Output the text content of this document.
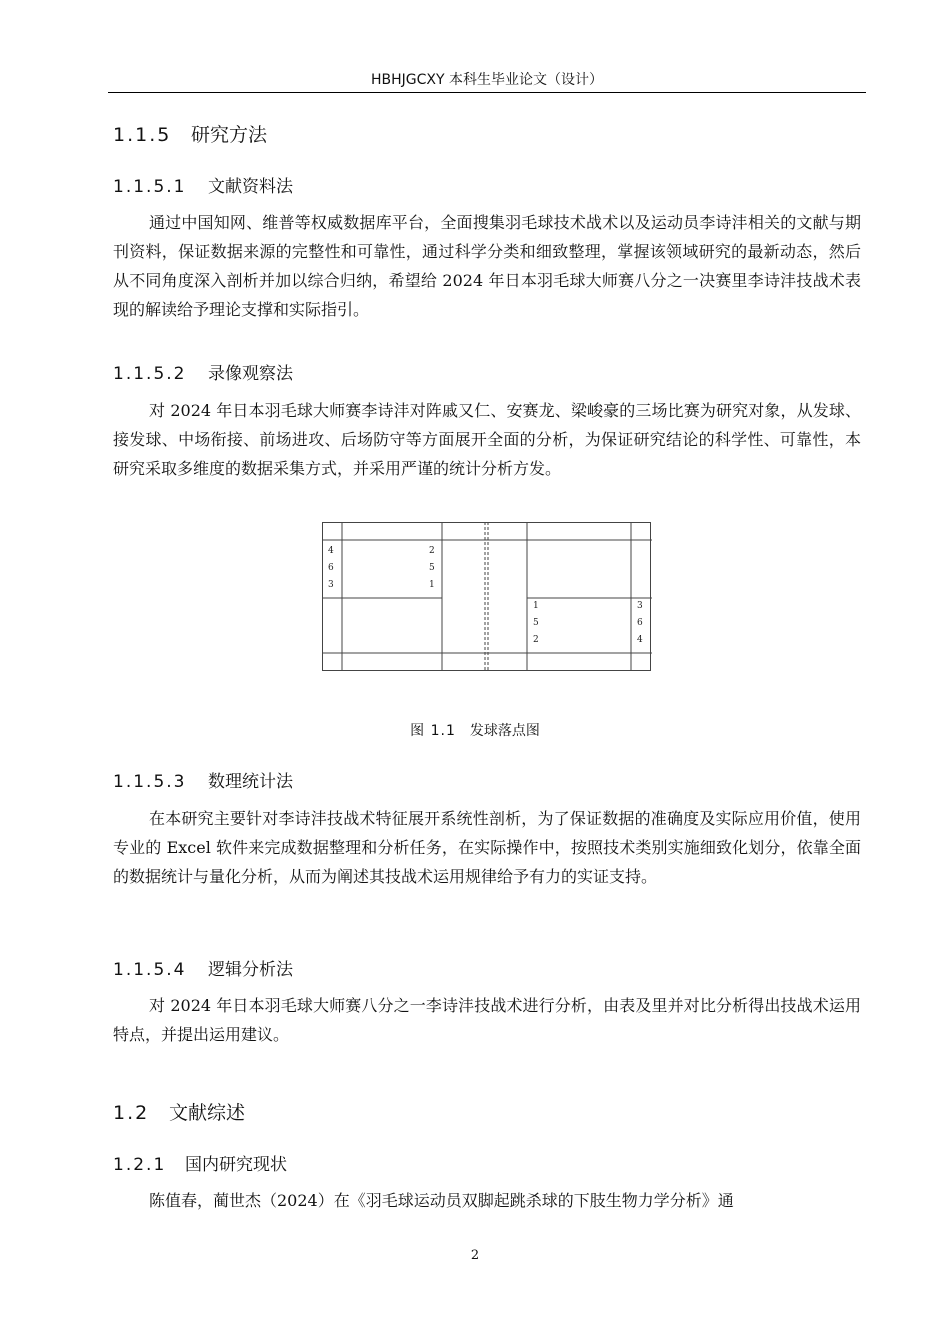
HBHJGCXY 本科生毕业论文（设计）
1.1.5 研究方法
1.1.5.1 文献资料法
通过中国知网、维普等权威数据库平台，全面搜集羽毛球技术战术以及运动员李诗沣相关的文献与期刊资料，保证数据来源的完整性和可靠性，通过科学分类和细致整理，掌握该领域研究的最新动态，然后从不同角度深入剖析并加以综合归纳，希望给 2024 年日本羽毛球大师赛八分之一决赛里李诗沣技战术表现的解读给予理论支撑和实际指引。
1.1.5.2 录像观察法
对 2024 年日本羽毛球大师赛李诗沣对阵戚又仁、安赛龙、梁峻豪的三场比赛为研究对象，从发球、接发球、中场衔接、前场进攻、后场防守等方面展开全面的分析，为保证研究结论的科学性、可靠性，本研究采取多维度的数据采集方式，并采用严谨的统计分析方发。
4
6
3
2
5
1
1
5
2
3
6
4
图 1.1 发球落点图
1.1.5.3 数理统计法
在本研究主要针对李诗沣技战术特征展开系统性剖析，为了保证数据的准确度及实际应用价值，使用专业的 Excel 软件来完成数据整理和分析任务，在实际操作中，按照技术类别实施细致化划分，依靠全面的数据统计与量化分析，从而为阐述其技战术运用规律给予有力的实证支持。
1.1.5.4 逻辑分析法
对 2024 年日本羽毛球大师赛八分之一李诗沣技战术进行分析，由表及里并对比分析得出技战术运用特点，并提出运用建议。
1.2 文献综述
1.2.1 国内研究现状
陈值春，蔺世杰（2024）在《羽毛球运动员双脚起跳杀球的下肢生物力学分析》通
2
